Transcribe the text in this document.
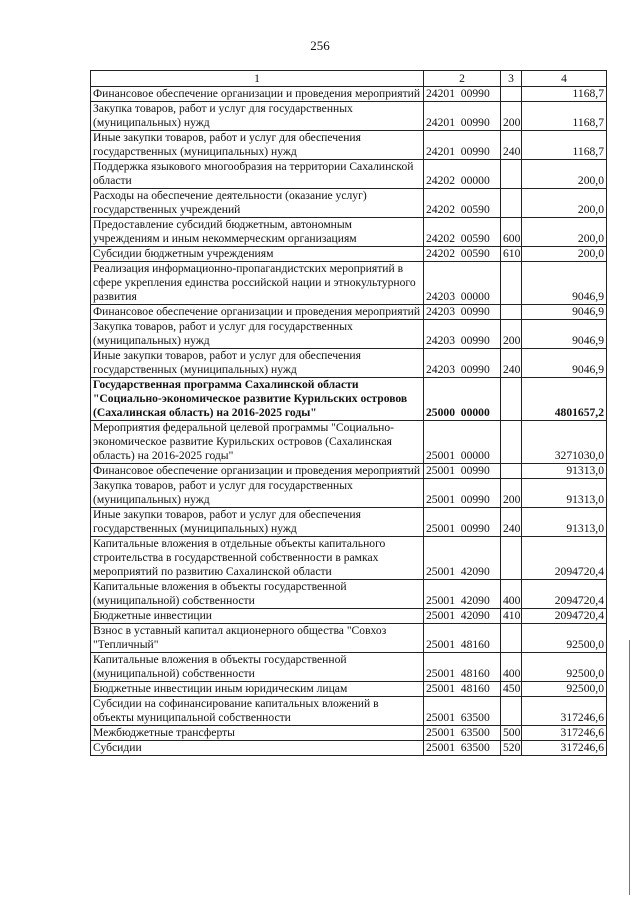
256
1	2	3	4
Финансовое обеспечение организации и проведения мероприятий	24201  00990		1168,7
Закупка товаров, работ и услуг для государственных (муниципальных) нужд	24201  00990	200	1168,7
Иные закупки товаров, работ и услуг для обеспечения государственных (муниципальных) нужд	24201  00990	240	1168,7
Поддержка языкового многообразия на территории Сахалинской области	24202  00000		200,0
Расходы на обеспечение деятельности (оказание услуг) государственных учреждений	24202  00590		200,0
Предоставление субсидий бюджетным, автономным учреждениям и иным некоммерческим организациям	24202  00590	600	200,0
Субсидии бюджетным учреждениям	24202  00590	610	200,0
Реализация информационно-пропагандистских мероприятий в сфере укрепления единства российской нации и этнокультурного развития	24203  00000		9046,9
Финансовое обеспечение организации и проведения мероприятий	24203  00990		9046,9
Закупка товаров, работ и услуг для государственных (муниципальных) нужд	24203  00990	200	9046,9
Иные закупки товаров, работ и услуг для обеспечения государственных (муниципальных) нужд	24203  00990	240	9046,9
Государственная программа Сахалинской области "Социально-экономическое развитие Курильских островов (Сахалинская область) на 2016-2025 годы"	25000  00000		4801657,2
Мероприятия федеральной целевой программы "Социально-экономическое развитие Курильских островов (Сахалинская область) на 2016-2025 годы"	25001  00000		3271030,0
Финансовое обеспечение организации и проведения мероприятий	25001  00990		91313,0
Закупка товаров, работ и услуг для государственных (муниципальных) нужд	25001  00990	200	91313,0
Иные закупки товаров, работ и услуг для обеспечения государственных (муниципальных) нужд	25001  00990	240	91313,0
Капитальные вложения в отдельные объекты капитального строительства в государственной собственности в рамках мероприятий по развитию Сахалинской области	25001  42090		2094720,4
Капитальные вложения в объекты государственной (муниципальной) собственности	25001  42090	400	2094720,4
Бюджетные инвестиции	25001  42090	410	2094720,4
Взнос в уставный капитал акционерного общества "Совхоз "Тепличный"	25001  48160		92500,0
Капитальные вложения в объекты государственной (муниципальной) собственности	25001  48160	400	92500,0
Бюджетные инвестиции иным юридическим лицам	25001  48160	450	92500,0
Субсидии на софинансирование капитальных вложений в объекты муниципальной собственности	25001  63500		317246,6
Межбюджетные трансферты	25001  63500	500	317246,6
Субсидии	25001  63500	520	317246,6
